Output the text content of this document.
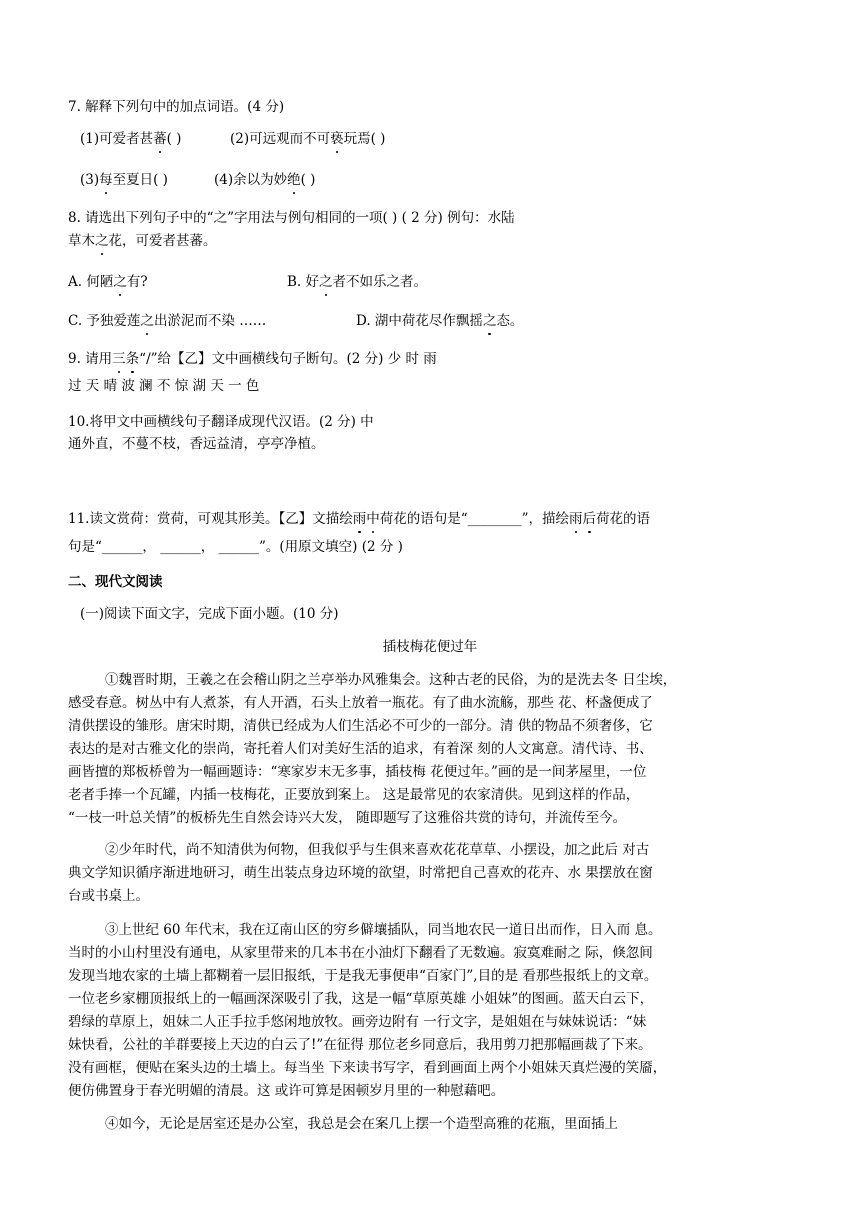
7. 解释下列句中的加点词语。(4 分)
(1)可爱者甚蕃( )	(2)可远观而不可亵玩焉( )
(3)每至夏日( )	(4)余以为妙绝( )
8. 请选出下列句子中的“之”字用法与例句相同的一项( ) ( 2 分) 例句：水陆
草木之花，可爱者甚蕃。
A. 何陋之有?	B. 好之者不如乐之者。
C. 予独爱莲之出淤泥而不染 ……	D. 湖中荷花尽作飘摇之态。
9. 请用三条“/”给【乙】文中画横线句子断句。(2 分) 少 时 雨
过 天 晴 波 澜 不 惊 湖 天 一 色
10.将甲文中画横线句子翻译成现代汉语。(2 分) 中
通外直，不蔓不枝，香远益清，亭亭净植。
11.读文赏荷：赏荷，可观其形美。【乙】文描绘雨中荷花的语句是“________”，描绘雨后荷花的语
句是“______， ______， ______”。(用原文填空) (2 分 )
二、现代文阅读
(一)阅读下面文字，完成下面小题。(10 分)
插枝梅花便过年
①魏晋时期，王羲之在会稽山阴之兰亭举办风雅集会。这种古老的民俗，为的是洗去冬 日尘埃，
感受春意。树丛中有人煮茶，有人开酒，石头上放着一瓶花。有了曲水流觞，那些 花、杯盏便成了
清供摆设的雏形。唐宋时期，清供已经成为人们生活必不可少的一部分。清 供的物品不须奢侈，它
表达的是对古雅文化的崇尚，寄托着人们对美好生活的追求，有着深 刻的人文寓意。清代诗、书、
画皆擅的郑板桥曾为一幅画题诗：“寒家岁末无多事，插枝梅 花便过年。”画的是一间茅屋里，一位
老者手捧一个瓦罐，内插一枝梅花，正要放到案上。 这是最常见的农家清供。见到这样的作品，
“一枝一叶总关情”的板桥先生自然会诗兴大发， 随即题写了这雅俗共赏的诗句，并流传至今。
②少年时代，尚不知清供为何物，但我似乎与生俱来喜欢花花草草、小摆设，加之此后 对古
典文学知识循序渐进地研习，萌生出装点身边环境的欲望，时常把自己喜欢的花卉、水 果摆放在窗
台或书桌上。
③上世纪 60 年代末，我在辽南山区的穷乡僻壤插队，同当地农民一道日出而作，日入而 息。
当时的小山村里没有通电，从家里带来的几本书在小油灯下翻看了无数遍。寂寞难耐之 际，倏忽间
发现当地农家的土墙上都糊着一层旧报纸，于是我无事便串“百家门”,目的是 看那些报纸上的文章。
一位老乡家棚顶报纸上的一幅画深深吸引了我，这是一幅“草原英雄 小姐妹”的图画。蓝天白云下，
碧绿的草原上，姐妹二人正手拉手悠闲地放牧。画旁边附有 一行文字，是姐姐在与妹妹说话：“妹
妹快看，公社的羊群要接上天边的白云了!”在征得 那位老乡同意后，我用剪刀把那幅画裁了下来。
没有画框，便贴在案头边的土墙上。每当坐 下来读书写字，看到画面上两个小姐妹天真烂漫的笑靥，
便仿佛置身于春光明媚的清晨。这 或许可算是困顿岁月里的一种慰藉吧。
④如今，无论是居室还是办公室，我总是会在案几上摆一个造型高雅的花瓶，里面插上
